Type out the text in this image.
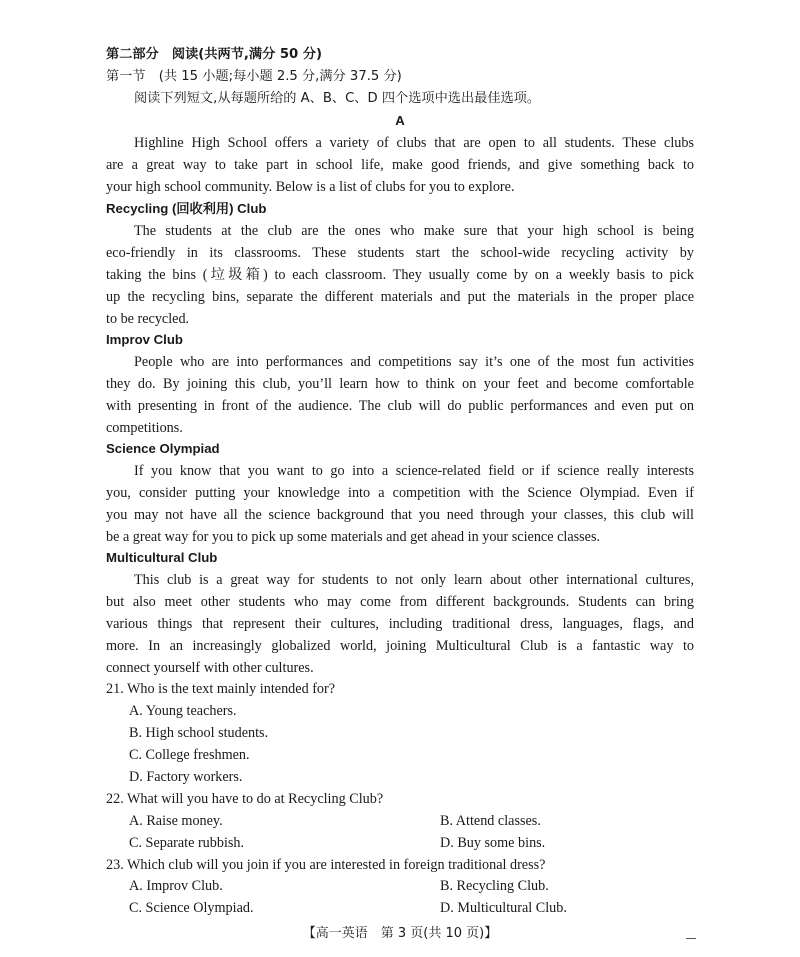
第二部分　阅读(共两节,满分 50 分)

第一节　(共 15 小题;每小题 2.5 分,满分 37.5 分)

阅读下列短文,从每题所给的 A、B、C、D 四个选项中选出最佳选项。

A

Highline High School offers a variety of clubs that are open to all students. These clubs

are a great way to take part in school life, make good friends, and give something back to

your high school community. Below is a list of clubs for you to explore.

Recycling (回收利用) Club

The students at the club are the ones who make sure that your high school is being

eco-friendly in its classrooms. These students start the school-wide recycling activity by

taking the bins (垃圾箱) to each classroom. They usually come by on a weekly basis to pick

up the recycling bins, separate the different materials and put the materials in the proper place

to be recycled.

Improv Club

People who are into performances and competitions say it’s one of the most fun activities

they do. By joining this club, you’ll learn how to think on your feet and become comfortable

with presenting in front of the audience. The club will do public performances and even put on

competitions.

Science Olympiad

If you know that you want to go into a science-related field or if science really interests

you, consider putting your knowledge into a competition with the Science Olympiad. Even if

you may not have all the science background that you need through your classes, this club will

be a great way for you to pick up some materials and get ahead in your science classes.

Multicultural Club

This club is a great way for students to not only learn about other international cultures,

but also meet other students who may come from different backgrounds. Students can bring

various things that represent their cultures, including traditional dress, languages, flags, and

more. In an increasingly globalized world, joining Multicultural Club is a fantastic way to

connect yourself with other cultures.

21. Who is the text mainly intended for?

A. Young teachers.

B. High school students.

C. College freshmen.

D. Factory workers.

22. What will you have to do at Recycling Club?

A. Raise money.	B. Attend classes.

C. Separate rubbish.	D. Buy some bins.

23. Which club will you join if you are interested in foreign traditional dress?

A. Improv Club.	B. Recycling Club.

C. Science Olympiad.	D. Multicultural Club.

【高一英语　第 3 页(共 10 页)】
